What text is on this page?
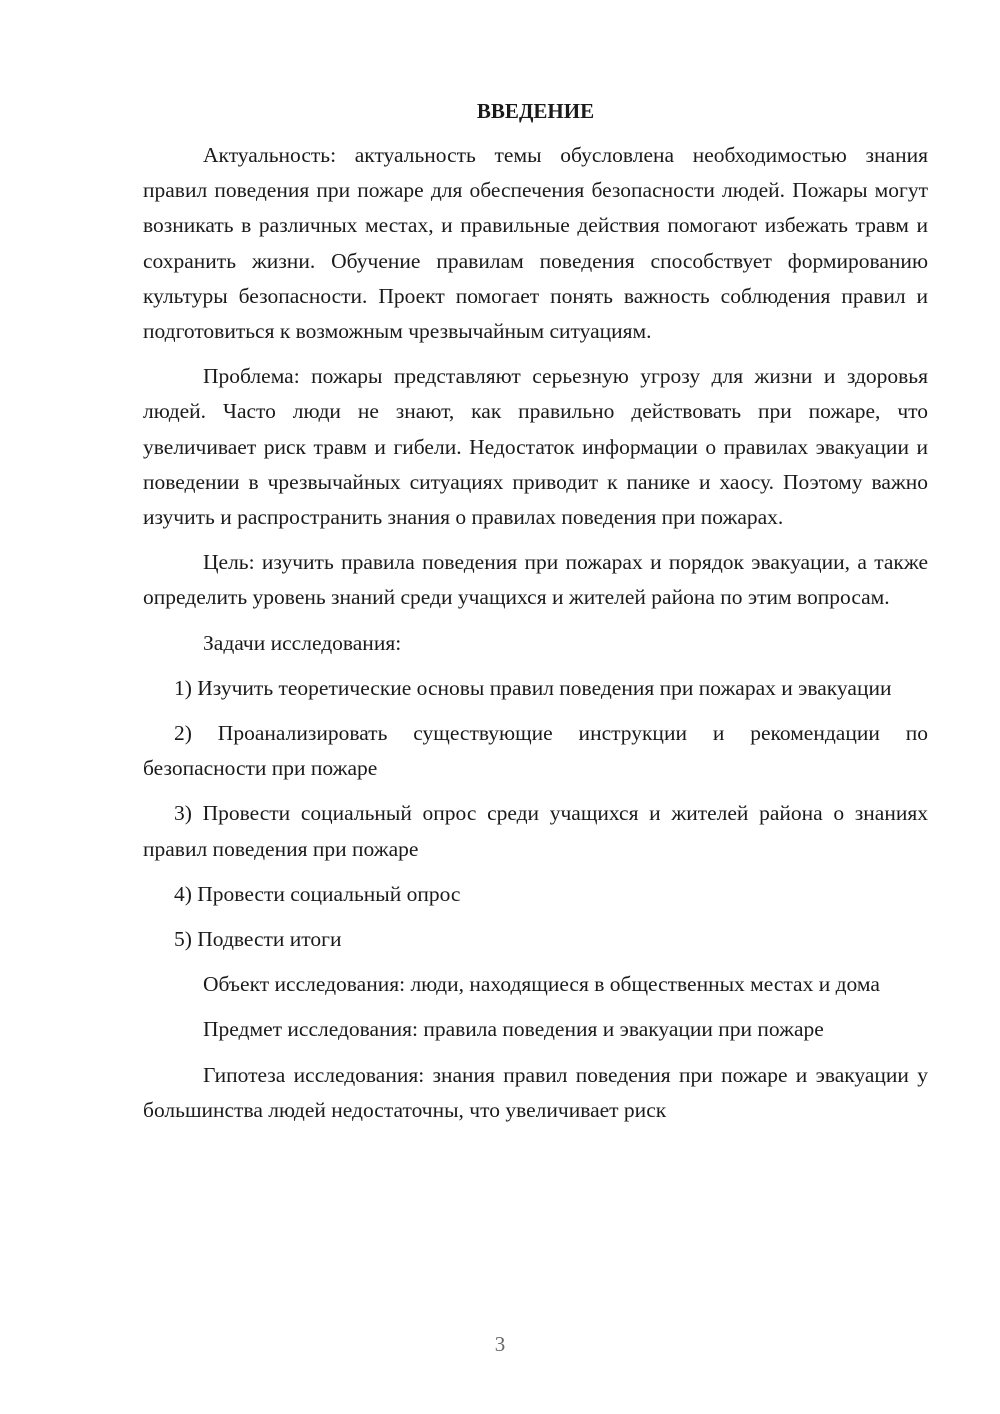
ВВЕДЕНИЕ

Актуальность: актуальность темы обусловлена необходимостью знания правил поведения при пожаре для обеспечения безопасности людей. Пожары могут возникать в различных местах, и правильные действия помогают избежать травм и сохранить жизни. Обучение правилам поведения способствует формированию культуры безопасности. Проект помогает понять важность соблюдения правил и подготовиться к возможным чрезвычайным ситуациям.

Проблема: пожары представляют серьезную угрозу для жизни и здоровья людей. Часто люди не знают, как правильно действовать при пожаре, что увеличивает риск травм и гибели. Недостаток информации о правилах эвакуации и поведении в чрезвычайных ситуациях приводит к панике и хаосу. Поэтому важно изучить и распространить знания о правилах поведения при пожарах.

Цель: изучить правила поведения при пожарах и порядок эвакуации, а также определить уровень знаний среди учащихся и жителей района по этим вопросам.

Задачи исследования:

1) Изучить теоретические основы правил поведения при пожарах и эвакуации

2) Проанализировать существующие инструкции и рекомендации по безопасности при пожаре

3) Провести социальный опрос среди учащихся и жителей района о знаниях правил поведения при пожаре

4) Провести социальный опрос

5) Подвести итоги

Объект исследования: люди, находящиеся в общественных местах и дома

Предмет исследования: правила поведения и эвакуации при пожаре

Гипотеза исследования: знания правил поведения при пожаре и эвакуации у большинства людей недостаточны, что увеличивает риск

3
